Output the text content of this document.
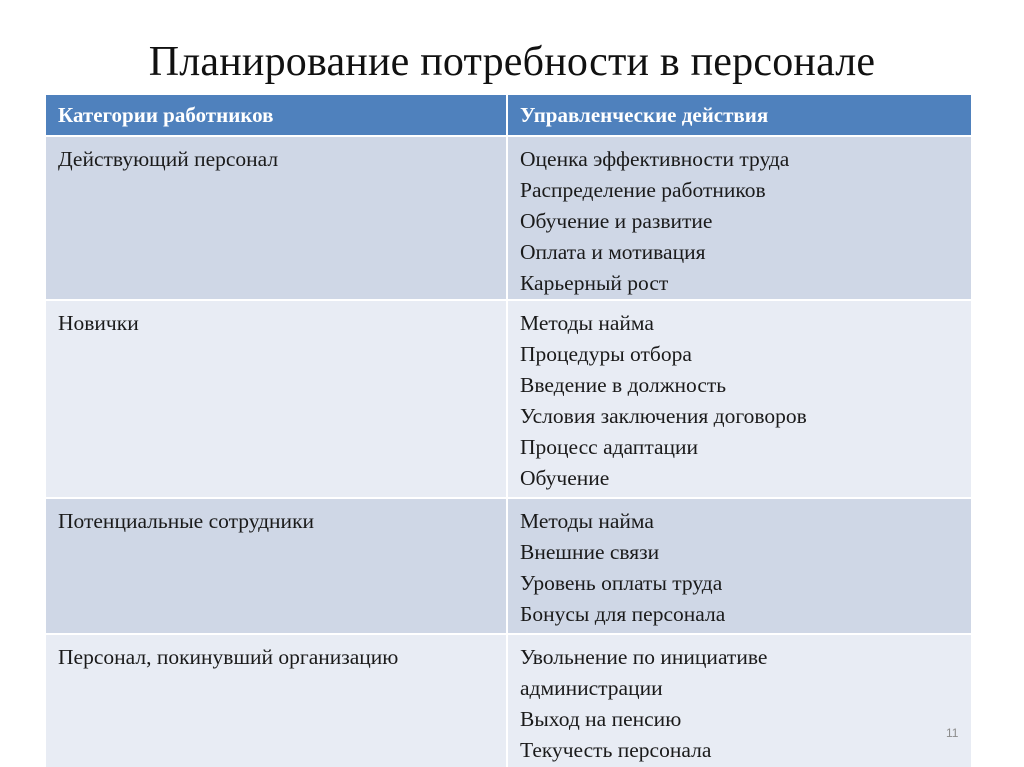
Планирование потребности в персонале
Категории работников	Управленческие действия
Действующий персонал	Оценка эффективности труда
Распределение работников
Обучение и развитие
Оплата и мотивация
Карьерный рост
Новички	Методы найма
Процедуры отбора
Введение в должность
Условия заключения договоров
Процесс адаптации
Обучение
Потенциальные сотрудники	Методы найма
Внешние связи
Уровень оплаты труда
Бонусы для персонала
Персонал, покинувший организацию	Увольнение по инициативе
администрации
Выход на пенсию
Текучесть персонала
11
